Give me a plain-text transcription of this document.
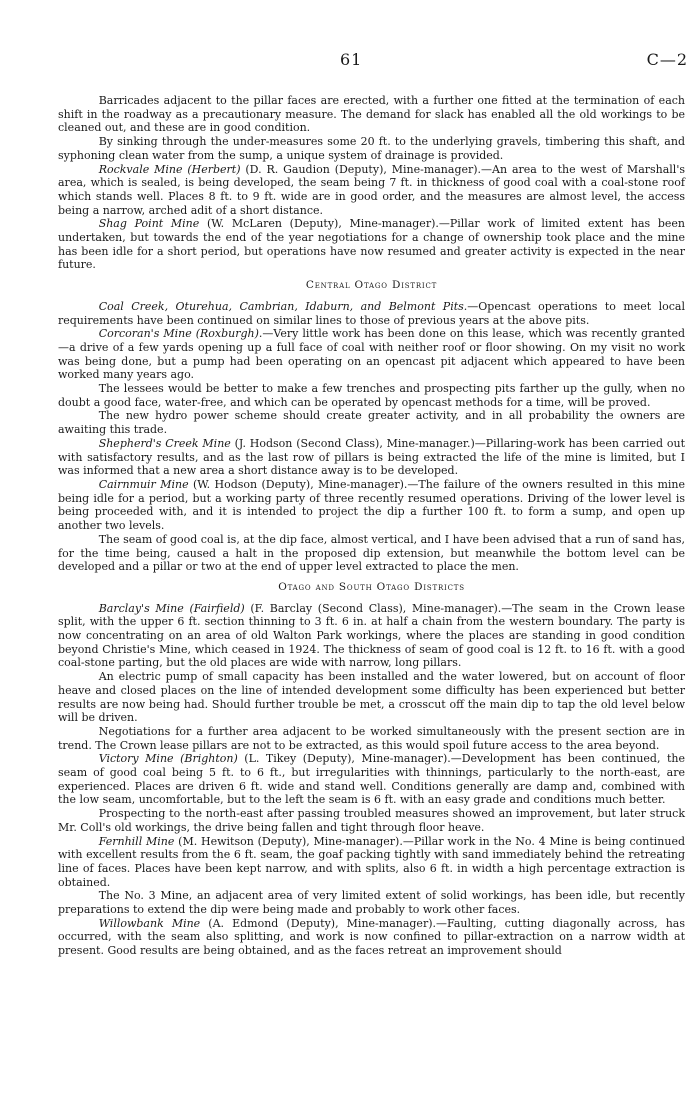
61	C—2

Barricades adjacent to the pillar faces are erected, with a further one fitted at the termination of each shift in the roadway as a precautionary measure. The demand for slack has enabled all the old workings to be cleaned out, and these are in good condition.

By sinking through the under-measures some 20 ft. to the underlying gravels, timbering this shaft, and syphoning clean water from the sump, a unique system of drainage is provided.

Rockvale Mine (Herbert) (D. R. Gaudion (Deputy), Mine-manager).—An area to the west of Marshall's area, which is sealed, is being developed, the seam being 7 ft. in thickness of good coal with a coal-stone roof which stands well. Places 8 ft. to 9 ft. wide are in good order, and the measures are almost level, the access being a narrow, arched adit of a short distance.

Shag Point Mine (W. McLaren (Deputy), Mine-manager).—Pillar work of limited extent has been undertaken, but towards the end of the year negotiations for a change of ownership took place and the mine has been idle for a short period, but operations have now resumed and greater activity is expected in the near future.

Central Otago District

Coal Creek, Oturehua, Cambrian, Idaburn, and Belmont Pits.—Opencast operations to meet local requirements have been continued on similar lines to those of previous years at the above pits.

Corcoran's Mine (Roxburgh).—Very little work has been done on this lease, which was recently granted—a drive of a few yards opening up a full face of coal with neither roof or floor showing. On my visit no work was being done, but a pump had been operating on an opencast pit adjacent which appeared to have been worked many years ago.

The lessees would be better to make a few trenches and prospecting pits farther up the gully, when no doubt a good face, water-free, and which can be operated by opencast methods for a time, will be proved.

The new hydro power scheme should create greater activity, and in all probability the owners are awaiting this trade.

Shepherd's Creek Mine (J. Hodson (Second Class), Mine-manager.)—Pillaring-work has been carried out with satisfactory results, and as the last row of pillars is being extracted the life of the mine is limited, but I was informed that a new area a short distance away is to be developed.

Cairnmuir Mine (W. Hodson (Deputy), Mine-manager).—The failure of the owners resulted in this mine being idle for a period, but a working party of three recently resumed operations. Driving of the lower level is being proceeded with, and it is intended to project the dip a further 100 ft. to form a sump, and open up another two levels.

The seam of good coal is, at the dip face, almost vertical, and I have been advised that a run of sand has, for the time being, caused a halt in the proposed dip extension, but meanwhile the bottom level can be developed and a pillar or two at the end of upper level extracted to place the men.

Otago and South Otago Districts

Barclay's Mine (Fairfield) (F. Barclay (Second Class), Mine-manager).—The seam in the Crown lease split, with the upper 6 ft. section thinning to 3 ft. 6 in. at half a chain from the western boundary. The party is now concentrating on an area of old Walton Park workings, where the places are standing in good condition beyond Christie's Mine, which ceased in 1924. The thickness of seam of good coal is 12 ft. to 16 ft. with a good coal-stone parting, but the old places are wide with narrow, long pillars.

An electric pump of small capacity has been installed and the water lowered, but on account of floor heave and closed places on the line of intended development some difficulty has been experienced but better results are now being had. Should further trouble be met, a crosscut off the main dip to tap the old level below will be driven.

Negotiations for a further area adjacent to be worked simultaneously with the present section are in trend. The Crown lease pillars are not to be extracted, as this would spoil future access to the area beyond.

Victory Mine (Brighton) (L. Tikey (Deputy), Mine-manager).—Development has been continued, the seam of good coal being 5 ft. to 6 ft., but irregularities with thinnings, particularly to the north-east, are experienced. Places are driven 6 ft. wide and stand well. Conditions generally are damp and, combined with the low seam, uncomfortable, but to the left the seam is 6 ft. with an easy grade and conditions much better.

Prospecting to the north-east after passing troubled measures showed an improvement, but later struck Mr. Coll's old workings, the drive being fallen and tight through floor heave.

Fernhill Mine (M. Hewitson (Deputy), Mine-manager).—Pillar work in the No. 4 Mine is being continued with excellent results from the 6 ft. seam, the goaf packing tightly with sand immediately behind the retreating line of faces. Places have been kept narrow, and with splits, also 6 ft. in width a high percentage extraction is obtained.

The No. 3 Mine, an adjacent area of very limited extent of solid workings, has been idle, but recently preparations to extend the dip were being made and probably to work other faces.

Willowbank Mine (A. Edmond (Deputy), Mine-manager).—Faulting, cutting diagonally across, has occurred, with the seam also splitting, and work is now confined to pillar-extraction on a narrow width at present. Good results are being obtained, and as the faces retreat an improvement should
